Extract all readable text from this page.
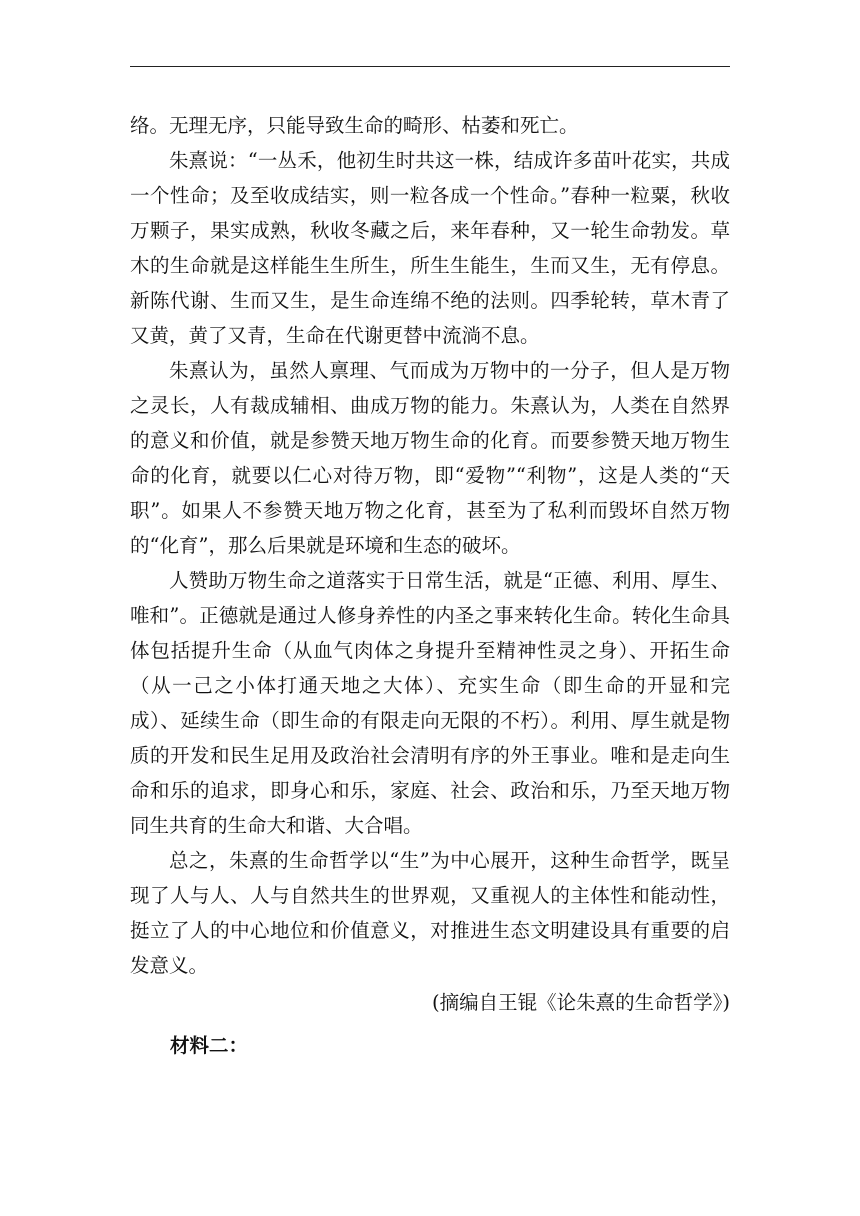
络。无理无序，只能导致生命的畸形、枯萎和死亡。

朱熹说：“一丛禾，他初生时共这一株，结成许多苗叶花实，共成一个性命；及至收成结实，则一粒各成一个性命。”春种一粒粟，秋收万颗子，果实成熟，秋收冬藏之后，来年春种，又一轮生命勃发。草木的生命就是这样能生生所生，所生生能生，生而又生，无有停息。新陈代谢、生而又生，是生命连绵不绝的法则。四季轮转，草木青了又黄，黄了又青，生命在代谢更替中流淌不息。

朱熹认为，虽然人禀理、气而成为万物中的一分子，但人是万物之灵长，人有裁成辅相、曲成万物的能力。朱熹认为，人类在自然界的意义和价值，就是参赞天地万物生命的化育。而要参赞天地万物生命的化育，就要以仁心对待万物，即“爱物”“利物”，这是人类的“天职”。如果人不参赞天地万物之化育，甚至为了私利而毁坏自然万物的“化育”，那么后果就是环境和生态的破坏。

人赞助万物生命之道落实于日常生活，就是“正德、利用、厚生、唯和”。正德就是通过人修身养性的内圣之事来转化生命。转化生命具体包括提升生命（从血气肉体之身提升至精神性灵之身）、开拓生命（从一己之小体打通天地之大体）、充实生命（即生命的开显和完成）、延续生命（即生命的有限走向无限的不朽）。利用、厚生就是物质的开发和民生足用及政治社会清明有序的外王事业。唯和是走向生命和乐的追求，即身心和乐，家庭、社会、政治和乐，乃至天地万物同生共育的生命大和谐、大合唱。

总之，朱熹的生命哲学以“生”为中心展开，这种生命哲学，既呈现了人与人、人与自然共生的世界观，又重视人的主体性和能动性，挺立了人的中心地位和价值意义，对推进生态文明建设具有重要的启发意义。

(摘编自王锟《论朱熹的生命哲学》)

材料二：
